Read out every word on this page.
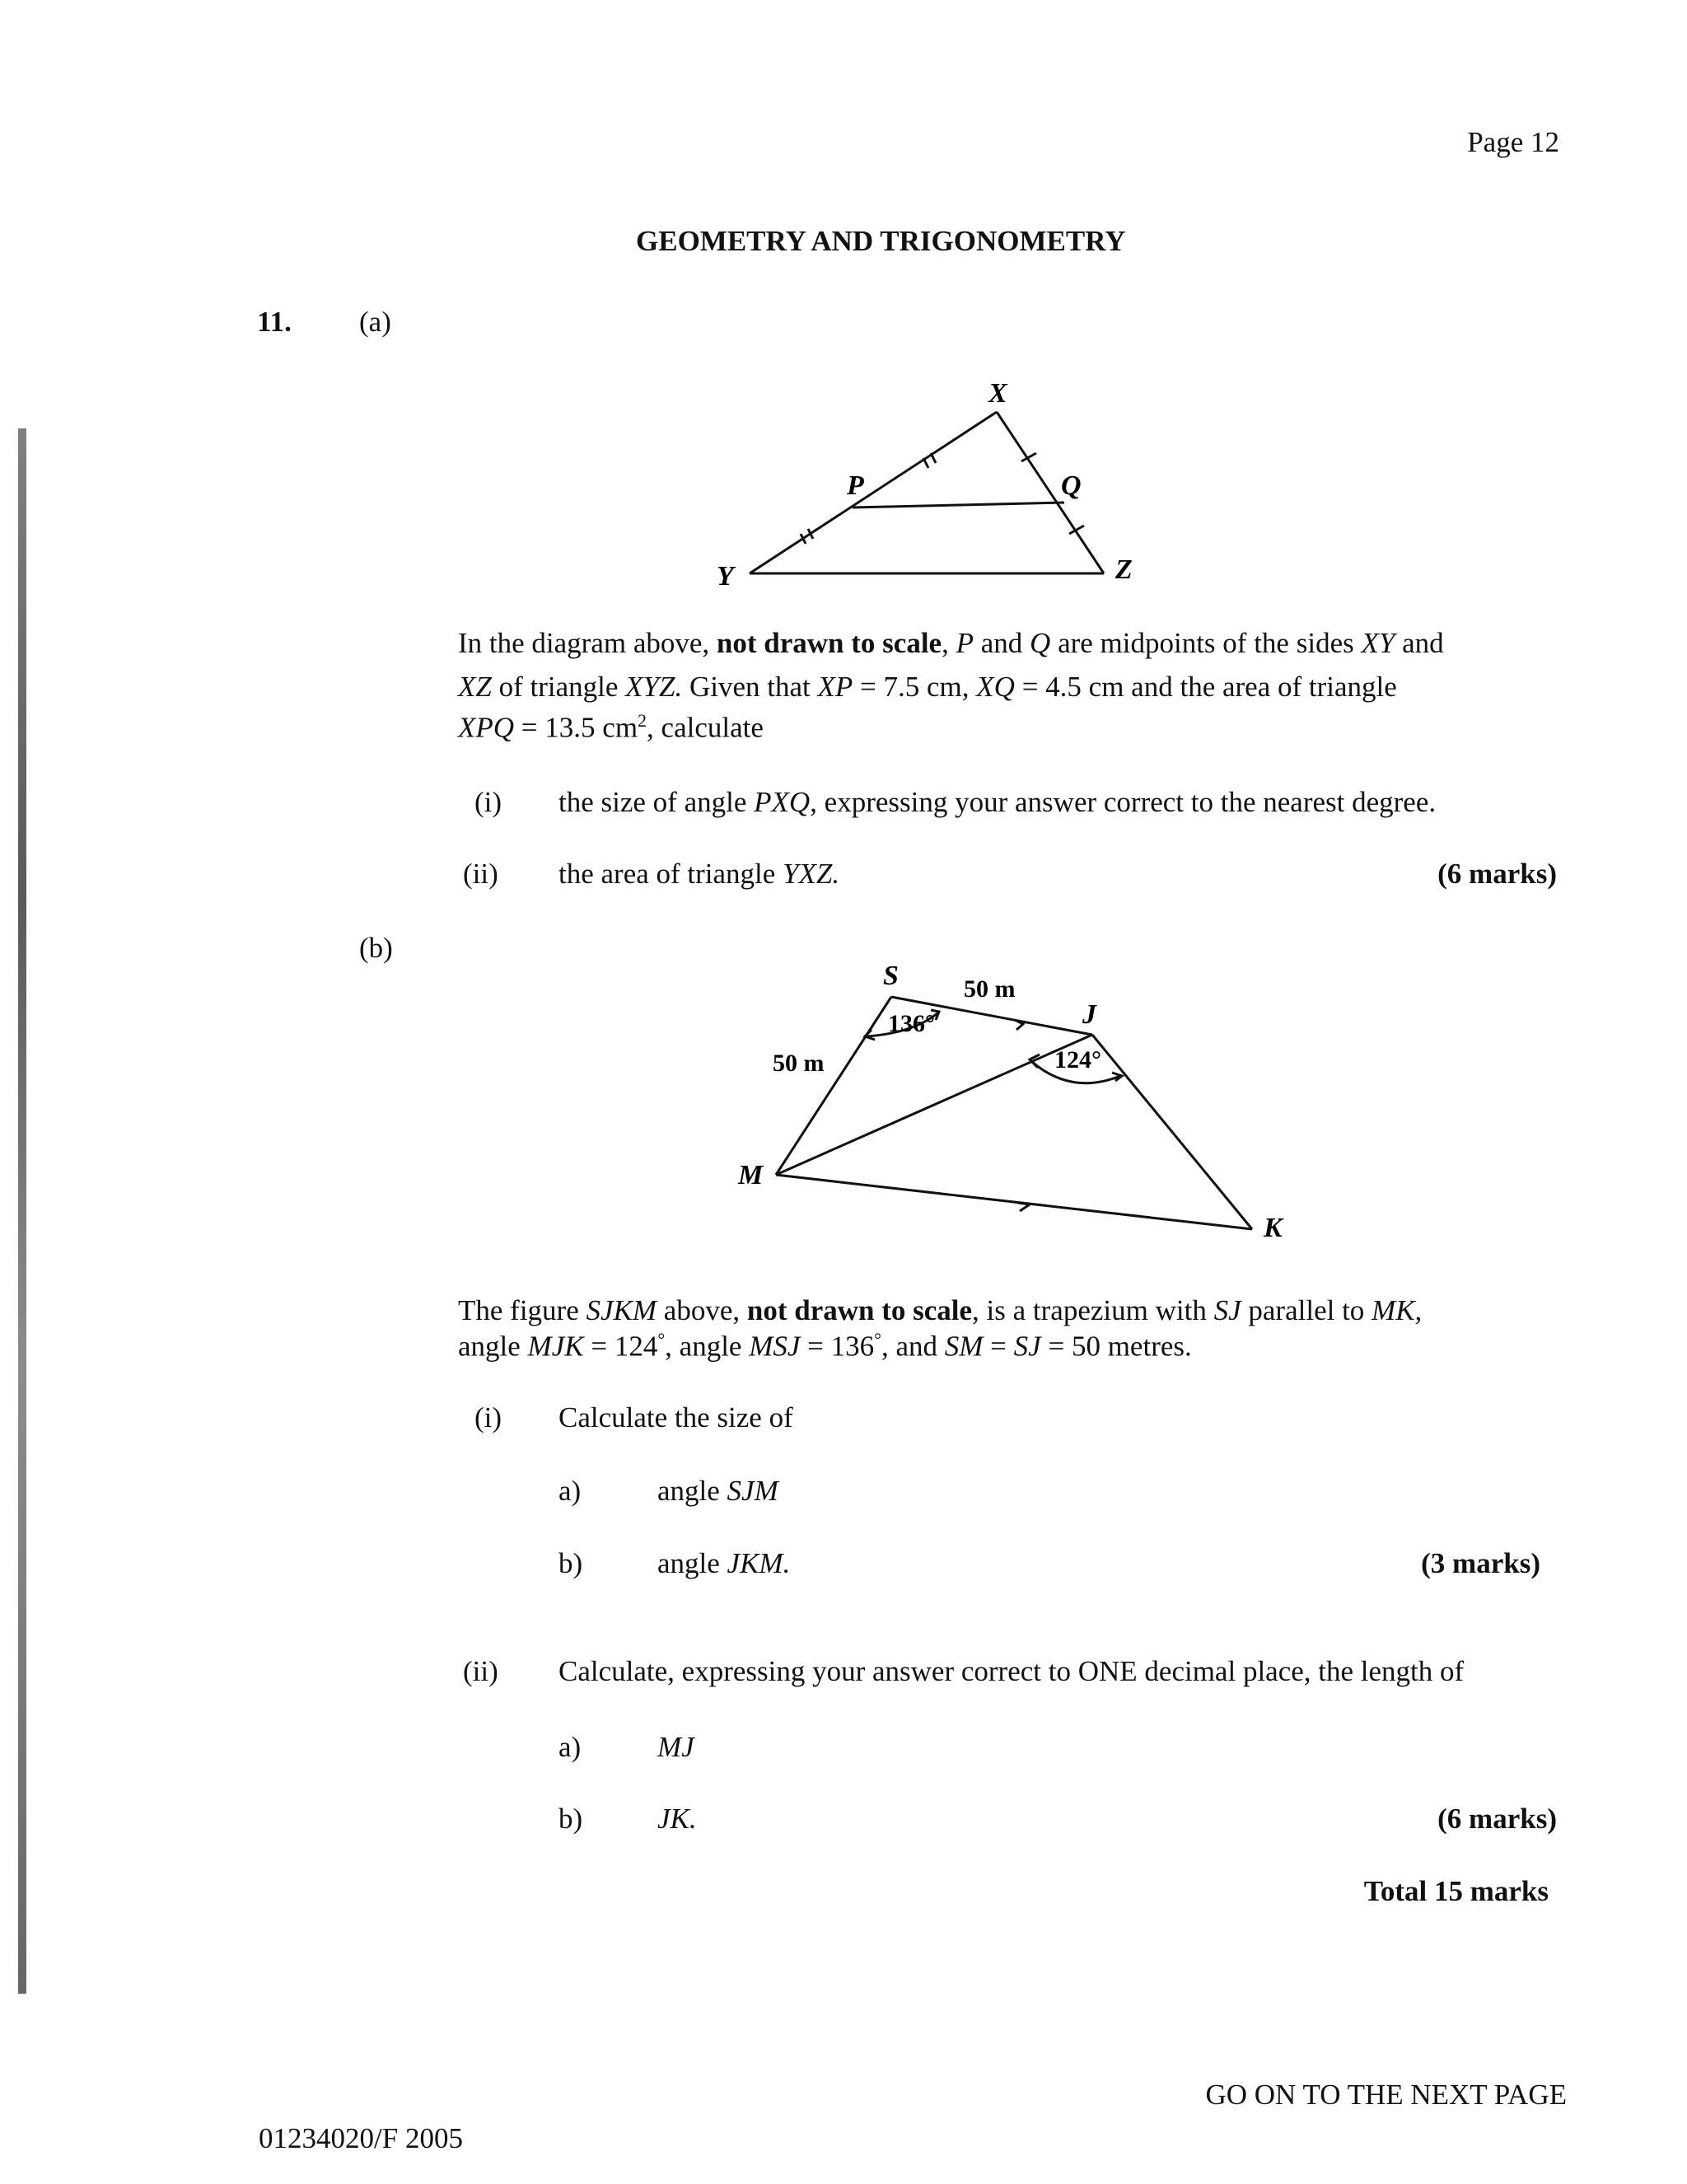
Page 12
GEOMETRY AND TRIGONOMETRY
11. (a)
X
Y	Z
P	Q
In the diagram above, not drawn to scale, P and Q are midpoints of the sides XY and
XZ of triangle XYZ. Given that XP = 7.5 cm, XQ = 4.5 cm and the area of triangle
XPQ = 13.5 $cm^2$, calculate
(i) the size of angle PXQ, expressing your answer correct to the nearest degree.
(ii) the area of triangle YXZ.	(6 marks)
(b)
S
J
K
M
50 m
50 m
136°
124°
The figure SJKM above, not drawn to scale, is a trapezium with SJ parallel to MK,
angle MJK = 124°, angle MSJ = 136°, and SM = SJ = 50 metres.
(i) Calculate the size of
a)	angle SJM
b)	angle JKM.	(3 marks)
(ii) Calculate, expressing your answer correct to ONE decimal place, the length of
a)	MJ
b)	JK.	(6 marks)
Total 15 marks
GO ON TO THE NEXT PAGE
01234020/F 2005
